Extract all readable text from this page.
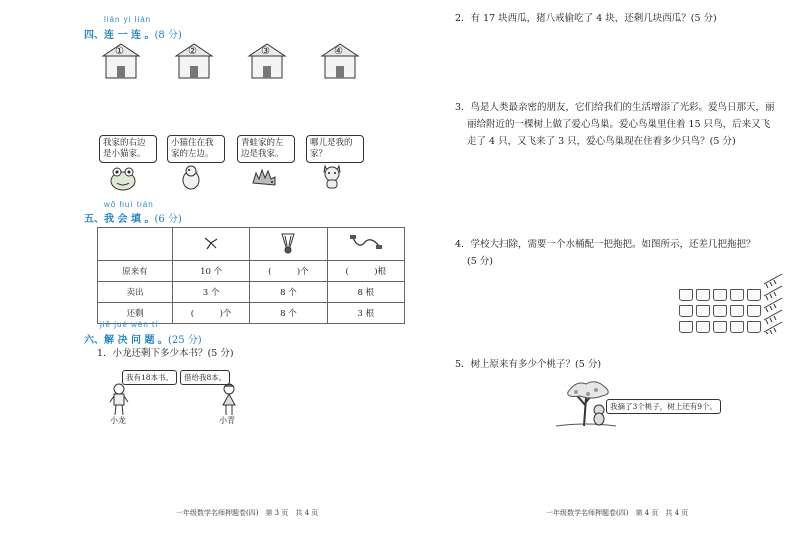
lián yi lián
四、连 一 连 。(8 分)
①	②	③	④
我家的右边是小猫家。
小猫住在我家的左边。
青蛙家的左边是我家。
哪儿是我的家？
wǒ huì tián
五、我 会 填 。(6 分)

原来有	10 个	(　　　)个	(　　　)根
卖出	3 个	8 个	8 根
还剩	(　　　)个	8 个	3 根
jiě jué wèn tí
六、解 决 问 题 。(25 分)
1．小龙还剩下多少本书？(5 分)
我有18本书。	借给我8本。
小龙	小青
一年级数学名师押题卷(四)　第 3 页　共 4 页
2．有 17 块西瓜，猪八戒偷吃了 4 块，还剩几块西瓜？(5 分)
3．鸟是人类最亲密的朋友，它们给我们的生活增添了光彩。爱鸟日那天，丽
丽给附近的一棵树上做了爱心鸟巢。爱心鸟巢里住着 15 只鸟，后来又飞
走了 4 只，又飞来了 3 只，爱心鸟巢现在住着多少只鸟？(5 分)
4．学校大扫除，需要一个水桶配一把拖把。如图所示，还差几把拖把？
(5 分)
5．树上原来有多少个桃子？(5 分)
我摘了3个桃子，树上还有9个。
一年级数学名师押题卷(四)　第 4 页　共 4 页
